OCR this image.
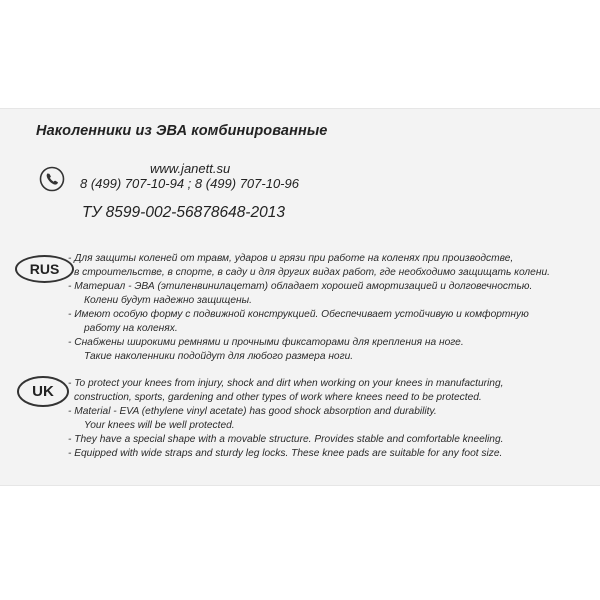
Наколенники из ЭВА комбинированные
www.janett.su
8 (499) 707-10-94 ; 8 (499) 707-10-96
ТУ 8599-002-56878648-2013
RUS
- Для защиты коленей от травм, ударов и грязи при работе на коленях при производстве,
в строительстве, в спорте, в саду и для других видах работ, где необходимо защищать колени.
- Материал - ЭВА (этиленвинилацетат) обладает хорошей амортизацией и долговечностью.
Колени будут надежно защищены.
- Имеют особую форму с подвижной конструкцией. Обеспечивает устойчивую и комфортную
работу на коленях.
- Снабжены широкими ремнями и прочными фиксаторами для крепления на ноге.
Такие наколенники подойдут для любого размера ноги.
UK	- To protect your knees from injury, shock and dirt when working on your knees in manufacturing,
construction, sports, gardening and other types of work where knees need to be protected.
- Material - EVA (ethylene vinyl acetate) has good shock absorption and durability.
Your knees will be well protected.
- They have a special shape with a movable structure. Provides stable and comfortable kneeling.
- Equipped with wide straps and sturdy leg locks. These knee pads are suitable for any foot size.
